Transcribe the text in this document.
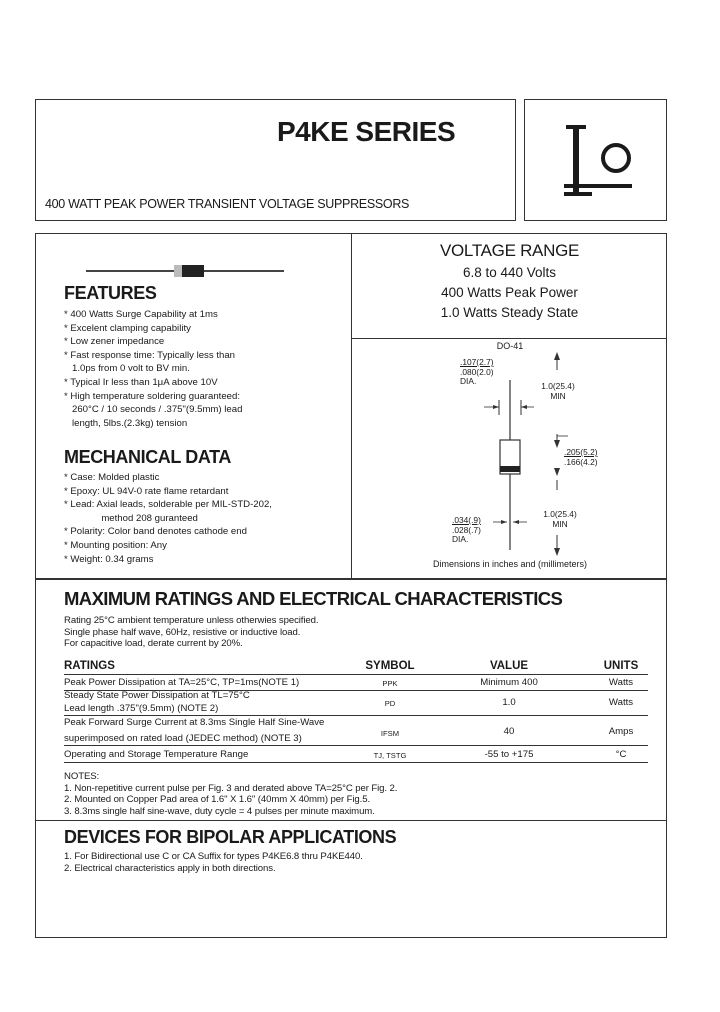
P4KE SERIES
400 WATT PEAK POWER TRANSIENT VOLTAGE SUPPRESSORS
FEATURES
* 400 Watts Surge Capability at 1ms
* Excelent clamping capability
* Low zener impedance
* Fast response time: Typically less than
1.0ps from 0 volt to BV min.
* Typical Ir less than 1μA above 10V
* High temperature soldering guaranteed:
260°C / 10 seconds / .375"(9.5mm) lead
length, 5lbs.(2.3kg) tension
MECHANICAL DATA
* Case: Molded plastic
* Epoxy: UL 94V-0 rate flame retardant
* Lead: Axial leads, solderable per MIL-STD-202,
method 208 guranteed
* Polarity: Color band denotes cathode end
* Mounting position: Any
* Weight: 0.34 grams
VOLTAGE RANGE
6.8 to 440 Volts
400 Watts Peak Power
1.0 Watts Steady State
DO-41
.107(2.7)
.080(2.0)
DIA.	1.0(25.4)
MIN
.205(5.2)
.166(4.2)
1.0(25.4)
MIN
.034(.9)
.028(.7)
DIA.
Dimensions in inches and (millimeters)
MAXIMUM RATINGS AND ELECTRICAL CHARACTERISTICS
Rating 25°C ambient temperature unless otherwies specified.
Single phase half wave, 60Hz, resistive or inductive load.
For capacitive load, derate current by 20%.
RATINGS	SYMBOL	VALUE	UNITS
Peak Power Dissipation at TA=25°C, TP=1ms(NOTE 1)	PPK	Minimum 400	Watts
Steady State Power Dissipation at TL=75°C
Lead length .375"(9.5mm) (NOTE 2)	PD	1.0	Watts
Peak Forward Surge Current at 8.3ms Single Half Sine-Wave
superimposed on rated load (JEDEC method) (NOTE 3)	IFSM	40	Amps
Operating and Storage Temperature Range	TJ, TSTG	-55 to +175	°C
NOTES:
1. Non-repetitive current pulse per Fig. 3 and derated above TA=25°C per Fig. 2.
2. Mounted on Copper Pad area of 1.6" X 1.6" (40mm X 40mm) per Fig.5.
3. 8.3ms single half sine-wave, duty cycle = 4 pulses per minute maximum.
DEVICES FOR BIPOLAR APPLICATIONS
1. For Bidirectional use C or CA Suffix for types P4KE6.8 thru P4KE440.
2. Electrical characteristics apply in both directions.
